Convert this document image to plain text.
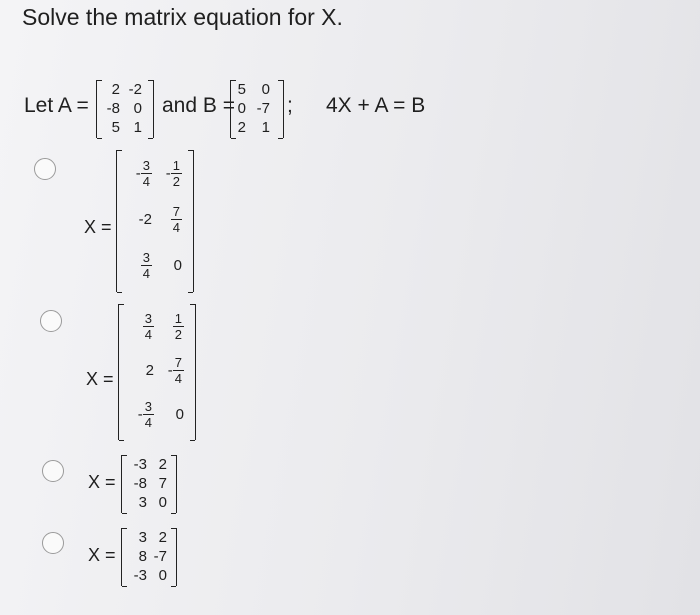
Solve the matrix equation for X.
Let A =
2 -2
-8 0
5 1
and B =
5	0
0 -7
2	1
; 4X + A = B
X =
- $\frac{3}{4} - \frac{1}{2}$
-2	$\frac{7}{4}$
$\frac{3}{4} 0$
X =
$\frac{3}{4} \frac{1}{2}$
$2 - \frac{7}{4}$
- $\frac{3}{4} 0$
X =
-3 2
-8 7
3 0
X =
3 2
8 -7
-3 0
